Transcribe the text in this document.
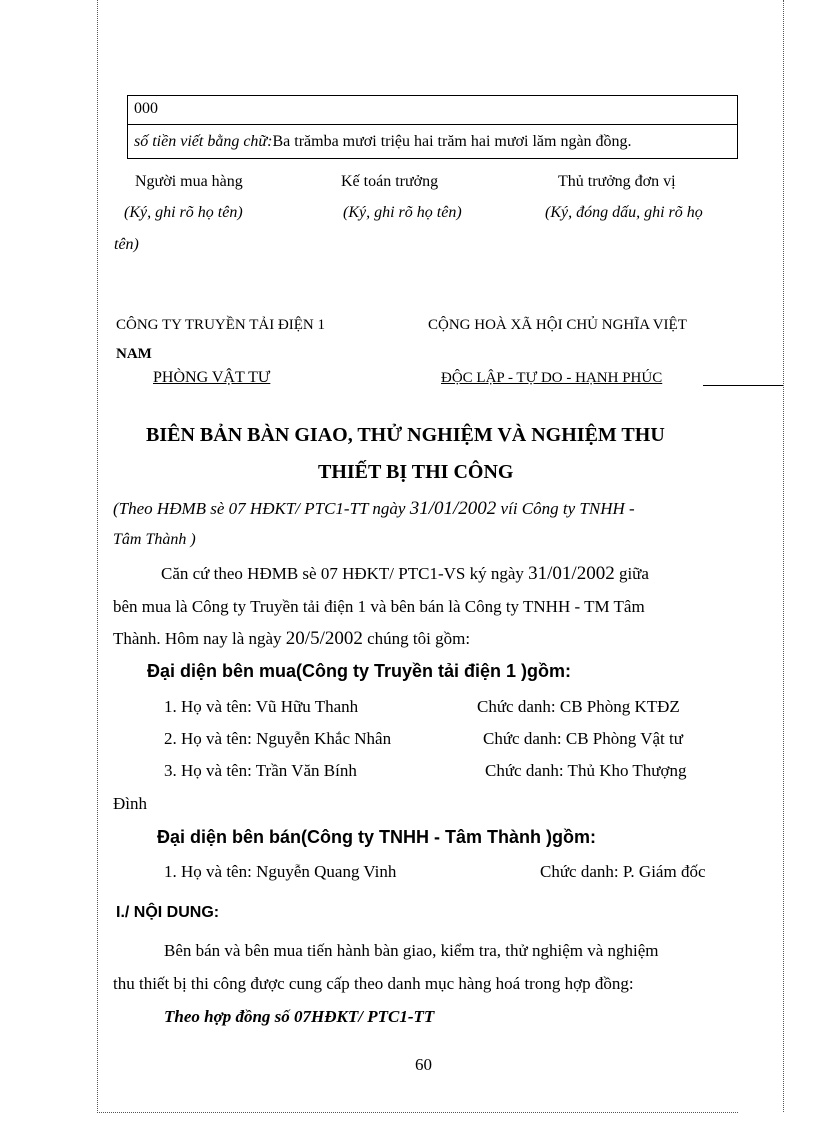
000
số tiền viết bằng chữ:Ba trămba mươi triệu hai trăm hai mươi lăm ngàn đồng.
Người mua hàng	Kế toán trưởng	Thủ trưởng đơn vị
(Ký, ghi rõ họ tên)	(Ký, ghi rõ họ tên)	(Ký, đóng dấu, ghi rõ họ
tên)
CÔNG TY TRUYỀN TẢI ĐIỆN 1	CỘNG HOÀ XÃ HỘI CHỦ NGHĨA VIỆT
NAM
PHÒNG VẬT TƯ	ĐỘC LẬP - TỰ DO - HẠNH PHÚC
BIÊN BẢN BÀN GIAO, THỬ NGHIỆM VÀ NGHIỆM THU
THIẾT BỊ THI CÔNG
(Theo HĐMB sè 07 HĐKT/ PTC1-TT ngày 31/01/2002 víi Công ty TNHH -
Tâm Thành )
Căn cứ theo HĐMB sè 07 HĐKT/ PTC1-VS ký ngày 31/01/2002 giữa
bên mua là Công ty Truyền tải điện 1 và bên bán là Công ty TNHH - TM Tâm
Thành. Hôm nay là ngày 20/5/2002 chúng tôi gồm:
Đại diện bên mua(Công ty Truyền tải điện 1 )gồm:
1. Họ và tên: Vũ Hữu Thanh	Chức danh: CB Phòng KTĐZ
2. Họ và tên: Nguyễn Khắc Nhân	Chức danh: CB Phòng Vật tư
3. Họ và tên: Trần Văn Bính	Chức danh: Thủ Kho Thượng
Đình
Đại diện bên bán(Công ty TNHH - Tâm Thành )gồm:
1. Họ và tên: Nguyễn Quang Vinh	Chức danh: P. Giám đốc
I./ NỘI DUNG:
Bên bán và bên mua tiến hành bàn giao, kiểm tra, thử nghiệm và nghiệm
thu thiết bị thi công được cung cấp theo danh mục hàng hoá trong hợp đồng:
Theo hợp đồng số 07HĐKT/ PTC1-TT
60
